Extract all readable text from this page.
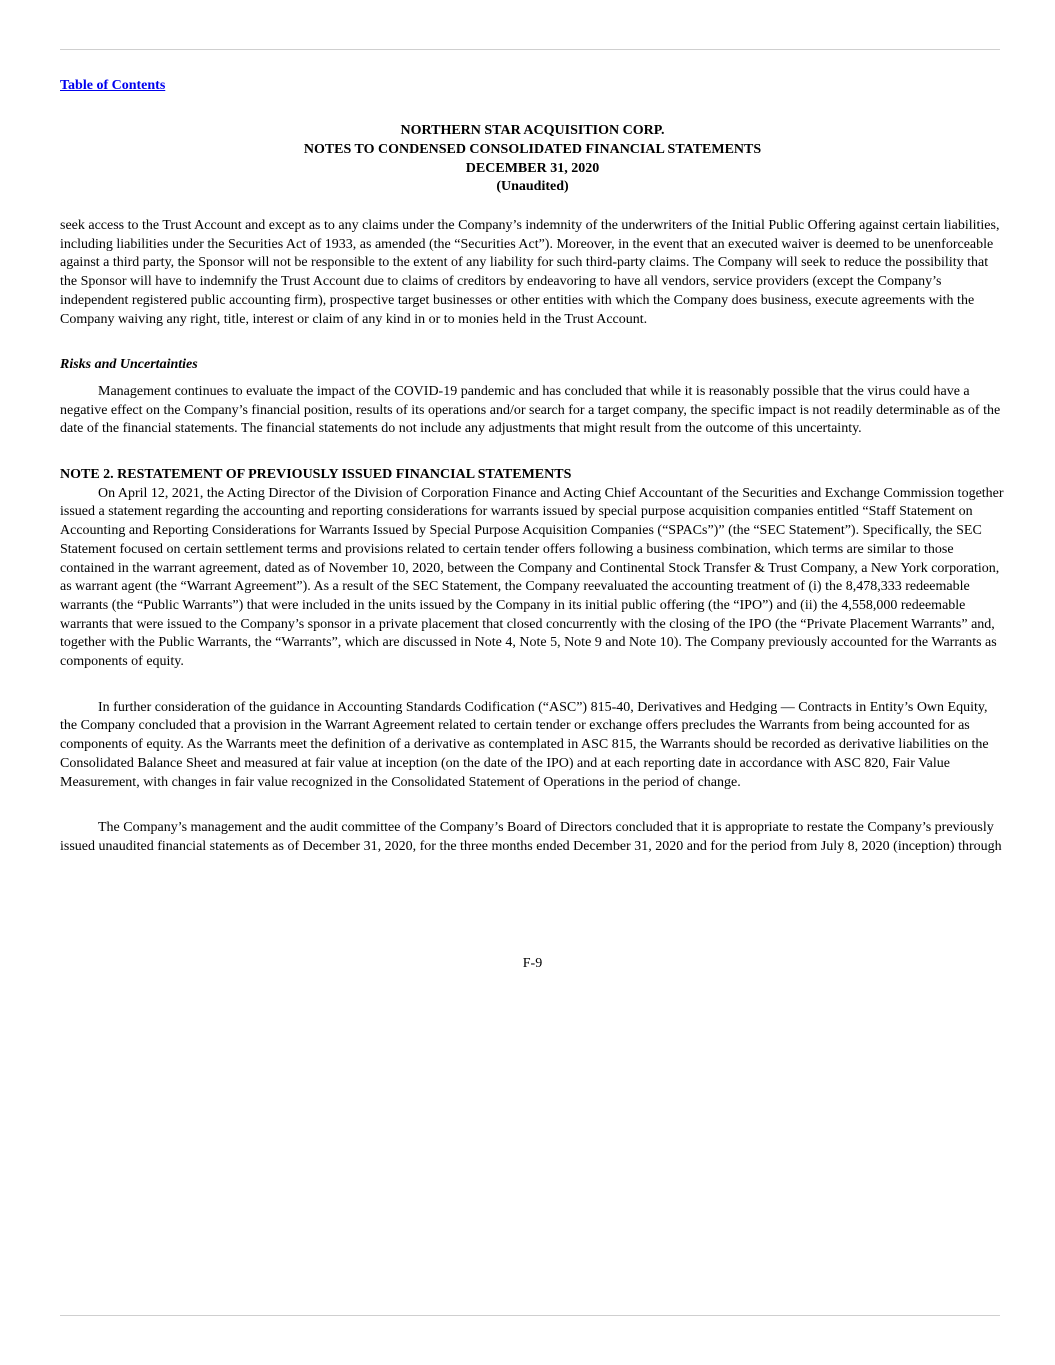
Table of Contents
NORTHERN STAR ACQUISITION CORP.
NOTES TO CONDENSED CONSOLIDATED FINANCIAL STATEMENTS
DECEMBER 31, 2020
(Unaudited)

seek access to the Trust Account and except as to any claims under the Company’s indemnity of the underwriters of the Initial Public Offering against certain liabilities, including liabilities under the Securities Act of 1933, as amended (the “Securities Act”). Moreover, in the event that an executed waiver is deemed to be unenforceable against a third party, the Sponsor will not be responsible to the extent of any liability for such third-party claims. The Company will seek to reduce the possibility that the Sponsor will have to indemnify the Trust Account due to claims of creditors by endeavoring to have all vendors, service providers (except the Company’s independent registered public accounting firm), prospective target businesses or other entities with which the Company does business, execute agreements with the Company waiving any right, title, interest or claim of any kind in or to monies held in the Trust Account.

Risks and Uncertainties

Management continues to evaluate the impact of the COVID-19 pandemic and has concluded that while it is reasonably possible that the virus could have a negative effect on the Company’s financial position, results of its operations and/or search for a target company, the specific impact is not readily determinable as of the date of the financial statements. The financial statements do not include any adjustments that might result from the outcome of this uncertainty.

NOTE 2. RESTATEMENT OF PREVIOUSLY ISSUED FINANCIAL STATEMENTS

On April 12, 2021, the Acting Director of the Division of Corporation Finance and Acting Chief Accountant of the Securities and Exchange Commission together issued a statement regarding the accounting and reporting considerations for warrants issued by special purpose acquisition companies entitled “Staff Statement on Accounting and Reporting Considerations for Warrants Issued by Special Purpose Acquisition Companies (“SPACs”)” (the “SEC Statement”). Specifically, the SEC Statement focused on certain settlement terms and provisions related to certain tender offers following a business combination, which terms are similar to those contained in the warrant agreement, dated as of November 10, 2020, between the Company and Continental Stock Transfer & Trust Company, a New York corporation, as warrant agent (the “Warrant Agreement”). As a result of the SEC Statement, the Company reevaluated the accounting treatment of (i) the 8,478,333 redeemable warrants (the “Public Warrants”) that were included in the units issued by the Company in its initial public offering (the “IPO”) and (ii) the 4,558,000 redeemable warrants that were issued to the Company’s sponsor in a private placement that closed concurrently with the closing of the IPO (the “Private Placement Warrants” and, together with the Public Warrants, the “Warrants”, which are discussed in Note 4, Note 5, Note 9 and Note 10). The Company previously accounted for the Warrants as components of equity.

In further consideration of the guidance in Accounting Standards Codification (“ASC”) 815-40, Derivatives and Hedging — Contracts in Entity’s Own Equity, the Company concluded that a provision in the Warrant Agreement related to certain tender or exchange offers precludes the Warrants from being accounted for as components of equity. As the Warrants meet the definition of a derivative as contemplated in ASC 815, the Warrants should be recorded as derivative liabilities on the Consolidated Balance Sheet and measured at fair value at inception (on the date of the IPO) and at each reporting date in accordance with ASC 820, Fair Value Measurement, with changes in fair value recognized in the Consolidated Statement of Operations in the period of change.

The Company’s management and the audit committee of the Company’s Board of Directors concluded that it is appropriate to restate the Company’s previously issued unaudited financial statements as of December 31, 2020, for the three months ended December 31, 2020 and for the period from July 8, 2020 (inception) through

F-9
